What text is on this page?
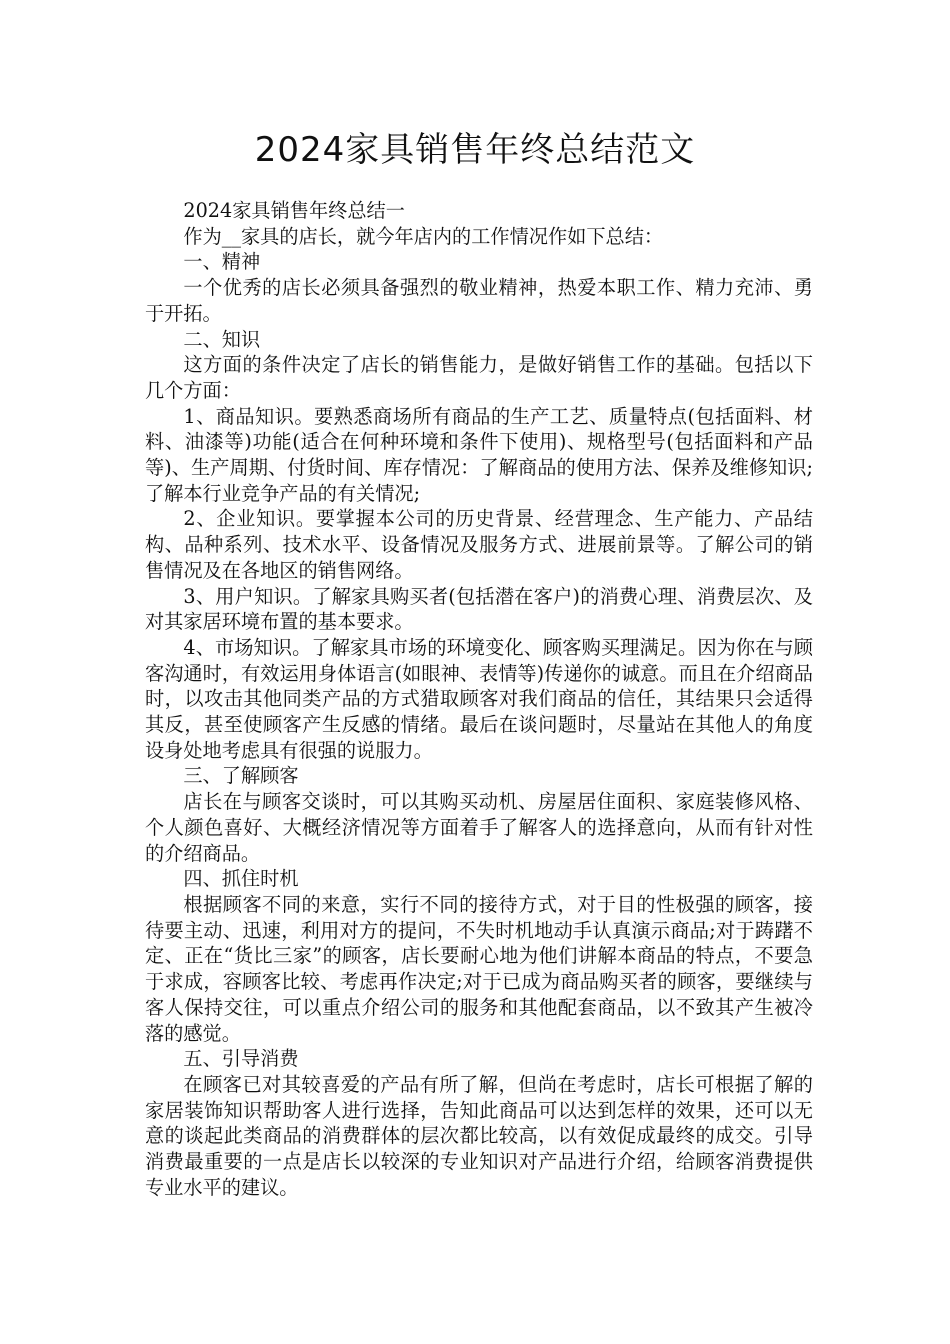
2024家具销售年终总结范文

2024家具销售年终总结一

作为__家具的店长，就今年店内的工作情况作如下总结：

一、精神

一个优秀的店长必须具备强烈的敬业精神，热爱本职工作、精力充沛、勇于开拓。

二、知识

这方面的条件决定了店长的销售能力，是做好销售工作的基础。包括以下几个方面：

1、商品知识。要熟悉商场所有商品的生产工艺、质量特点(包括面料、材料、油漆等)功能(适合在何种环境和条件下使用)、规格型号(包括面料和产品等)、生产周期、付货时间、库存情况：了解商品的使用方法、保养及维修知识;了解本行业竞争产品的有关情况;

2、企业知识。要掌握本公司的历史背景、经营理念、生产能力、产品结构、品种系列、技术水平、设备情况及服务方式、进展前景等。了解公司的销售情况及在各地区的销售网络。

3、用户知识。了解家具购买者(包括潜在客户)的消费心理、消费层次、及对其家居环境布置的基本要求。

4、市场知识。了解家具市场的环境变化、顾客购买理满足。因为你在与顾客沟通时，有效运用身体语言(如眼神、表情等)传递你的诚意。而且在介绍商品时，以攻击其他同类产品的方式猎取顾客对我们商品的信任，其结果只会适得其反，甚至使顾客产生反感的情绪。最后在谈问题时，尽量站在其他人的角度设身处地考虑具有很强的说服力。

三、了解顾客

店长在与顾客交谈时，可以其购买动机、房屋居住面积、家庭装修风格、个人颜色喜好、大概经济情况等方面着手了解客人的选择意向，从而有针对性的介绍商品。

四、抓住时机

根据顾客不同的来意，实行不同的接待方式，对于目的性极强的顾客，接待要主动、迅速，利用对方的提问，不失时机地动手认真演示商品;对于踌躇不定、正在“货比三家”的顾客，店长要耐心地为他们讲解本商品的特点，不要急于求成，容顾客比较、考虑再作决定;对于已成为商品购买者的顾客，要继续与客人保持交往，可以重点介绍公司的服务和其他配套商品，以不致其产生被冷落的感觉。

五、引导消费

在顾客已对其较喜爱的产品有所了解，但尚在考虑时，店长可根据了解的家居装饰知识帮助客人进行选择，告知此商品可以达到怎样的效果，还可以无意的谈起此类商品的消费群体的层次都比较高，以有效促成最终的成交。引导消费最重要的一点是店长以较深的专业知识对产品进行介绍，给顾客消费提供专业水平的建议。
